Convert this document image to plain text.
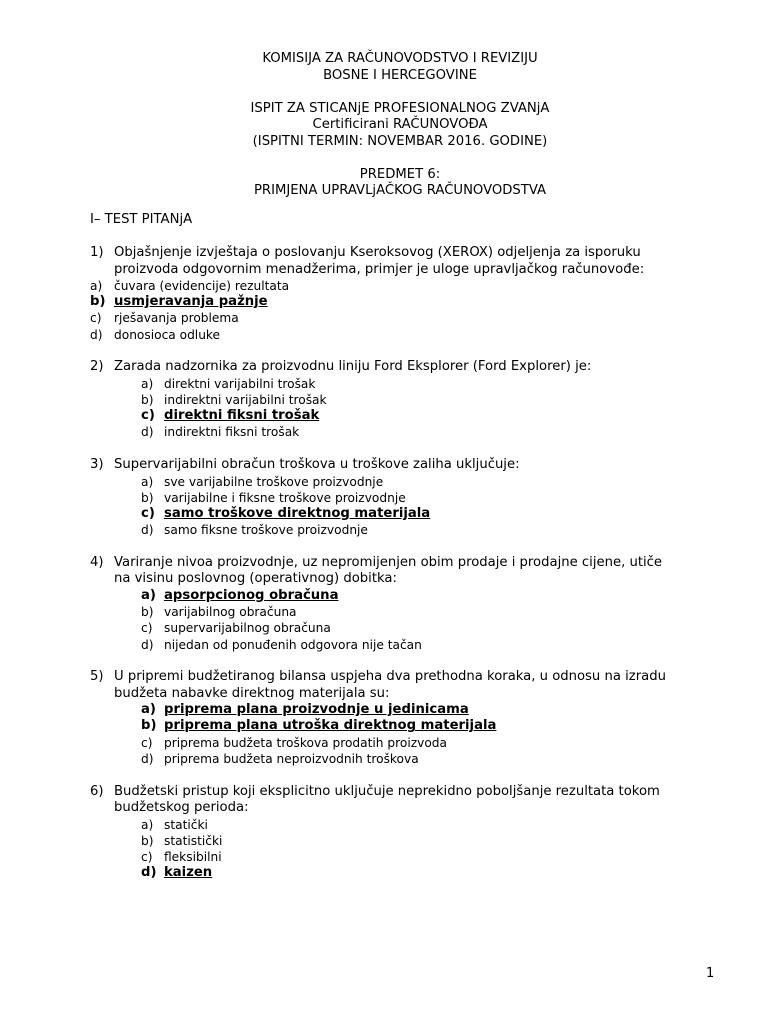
KOMISIJA ZA RAČUNOVODSTVO I REVIZIJU
BOSNE I HERCEGOVINE
ISPIT ZA STICANjE PROFESIONALNOG ZVANjA
Certificirani RAČUNOVOĐA
(ISPITNI TERMIN: NOVEMBAR 2016. GODINE)
PREDMET 6:
PRIMJENA UPRAVLjAČKOG RAČUNOVODSTVA
I– TEST PITANjA
1) Objašnjenje izvještaja o poslovanju Kseroksovog (XEROX) odjeljenja za isporuku
proizvoda odgovornim menadžerima, primjer je uloge upravljačkog računovođe:
a) čuvara (evidencije) rezultata
b) usmjeravanja pažnje
c) rješavanja problema
d) donosioca odluke
2) Zarada nadzornika za proizvodnu liniju Ford Eksplorer (Ford Explorer) je:
a) direktni varijabilni trošak
b) indirektni varijabilni trošak
c) direktni fiksni trošak
d) indirektni fiksni trošak
3) Supervarijabilni obračun troškova u troškove zaliha uključuje:
a) sve varijabilne troškove proizvodnje
b) varijabilne i fiksne troškove proizvodnje
c) samo troškove direktnog materijala
d) samo fiksne troškove proizvodnje
4) Variranje nivoa proizvodnje, uz nepromijenjen obim prodaje i prodajne cijene, utiče
na visinu poslovnog (operativnog) dobitka:
a) apsorpcionog obračuna
b) varijabilnog obračuna
c) supervarijabilnog obračuna
d) nijedan od ponuđenih odgovora nije tačan
5) U pripremi budžetiranog bilansa uspjeha dva prethodna koraka, u odnosu na izradu
budžeta nabavke direktnog materijala su:
a) priprema plana proizvodnje u jedinicama
b) priprema plana utroška direktnog materijala
c) priprema budžeta troškova prodatih proizvoda
d) priprema budžeta neproizvodnih troškova
6) Budžetski pristup koji eksplicitno uključuje neprekidno poboljšanje rezultata tokom
budžetskog perioda:
a) statički
b) statistički
c) fleksibilni
d) kaizen
1
